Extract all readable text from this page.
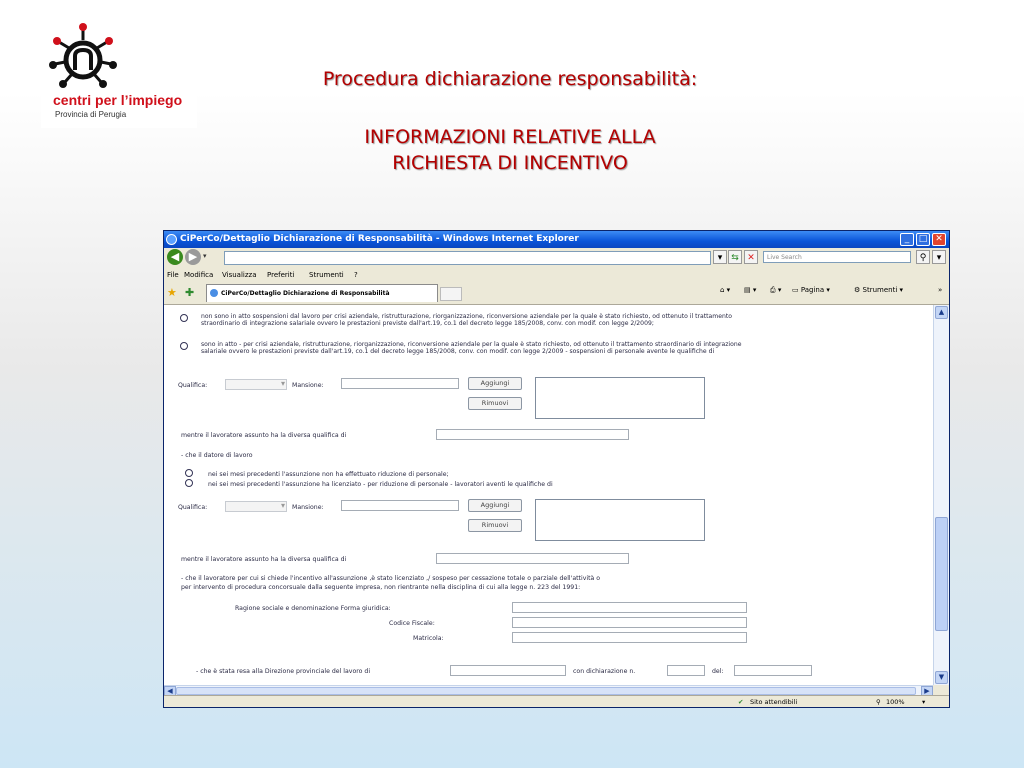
centri per l’impiego
Provincia di Perugia
Procedura dichiarazione responsabilità:
INFORMAZIONI RELATIVE ALLA
RICHIESTA DI INCENTIVO
CiPerCo/Dettaglio Dichiarazione di Responsabilità - Windows Internet Explorer	_	□ ✕
◀ ▶ ▾	▾ ⇆ ✕	Live Search	⚲	▾
File Modifica Visualizza Preferiti Strumenti ?
★ ✚	CiPerCo/Dettaglio Dichiarazione di Responsabilità	⌂ ▾ ▤ ▾ ⎙ ▾ ▭ Pagina ▾	⚙ Strumenti ▾	»
non sono in atto sospensioni dal lavoro per crisi aziendale, ristrutturazione, riorganizzazione, riconversione aziendale per la quale è stato richiesto, od ottenuto il trattamento straordinario di integrazione salariale ovvero le prestazioni previste dall'art.19, co.1 del decreto legge 185/2008, conv. con modif. con legge 2/2009;
sono in atto - per crisi aziendale, ristrutturazione, riorganizzazione, riconversione aziendale per la quale è stato richiesto, od ottenuto il trattamento straordinario di integrazione salariale ovvero le prestazioni previste dall'art.19, co.1 del decreto legge 185/2008, conv. con modif. con legge 2/2009 - sospensioni di personale avente le qualifiche di
Qualifica: ▾	Mansione:	Aggiungi
Rimuovi
mentre il lavoratore assunto ha la diversa qualifica di
- che il datore di lavoro
nei sei mesi precedenti l'assunzione non ha effettuato riduzione di personale;
nei sei mesi precedenti l'assunzione ha licenziato - per riduzione di personale - lavoratori aventi le qualifiche di
Qualifica: ▾	Mansione:	Aggiungi
Rimuovi
mentre il lavoratore assunto ha la diversa qualifica di
- che il lavoratore per cui si chiede l'incentivo all'assunzione ,è stato licenziato ,/ sospeso per cessazione totale o parziale dell'attività o
per intervento di procedura concorsuale dalla seguente impresa, non rientrante nella disciplina di cui alla legge n. 223 del 1991:
Ragione sociale e denominazione Forma giuridica:
Codice Fiscale:
Matricola:
- che è stata resa alla Direzione provinciale del lavoro di	con dichiarazione n.	del:
▲
▼
◀	▶
✔ Sito attendibili	⚲ 100%	▾
